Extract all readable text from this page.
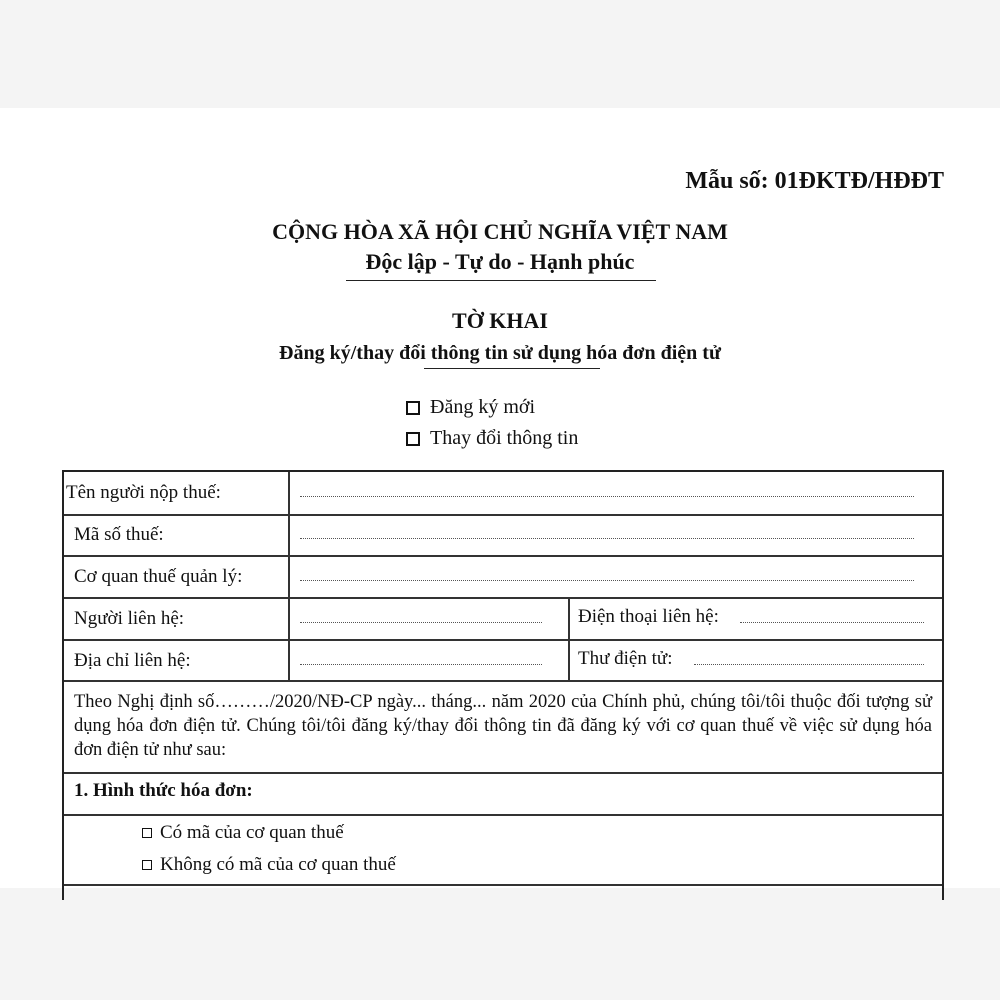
Mẫu số: 01ĐKTĐ/HĐĐT
CỘNG HÒA XÃ HỘI CHỦ NGHĨA VIỆT NAM
Độc lập - Tự do - Hạnh phúc
TỜ KHAI
Đăng ký/thay đổi thông tin sử dụng hóa đơn điện tử
Đăng ký mới
Thay đổi thông tin
Tên người nộp thuế:
Mã số thuế:
Cơ quan thuế quản lý:
Người liên hệ:	Điện thoại liên hệ:
Địa chỉ liên hệ:	Thư điện tử:
Theo Nghị định số………/2020/NĐ-CP ngày... tháng... năm 2020 của Chính phủ, chúng tôi/tôi thuộc đối tượng sử dụng hóa đơn điện tử. Chúng tôi/tôi đăng ký/thay đổi thông tin đã đăng ký với cơ quan thuế về việc sử dụng hóa đơn điện tử như sau:
1. Hình thức hóa đơn:
Có mã của cơ quan thuế
Không có mã của cơ quan thuế
